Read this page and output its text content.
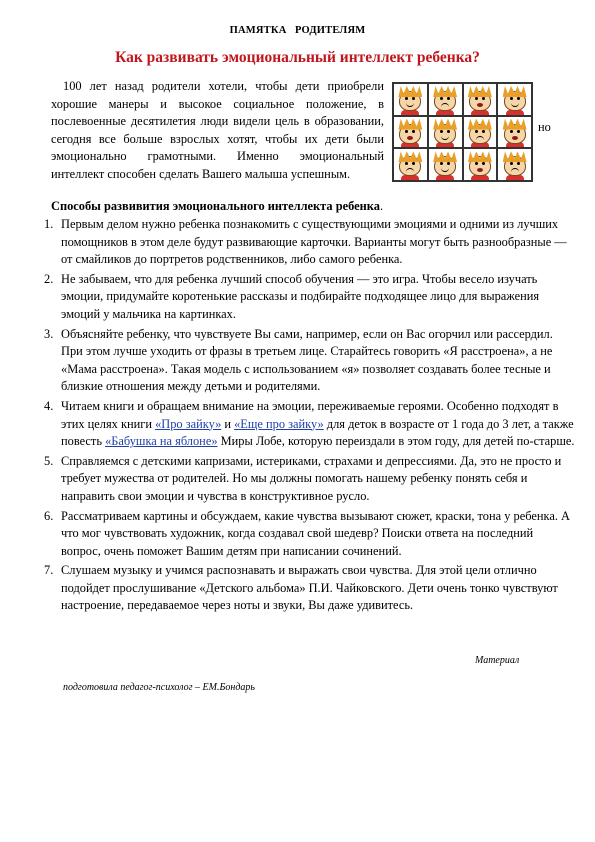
ПАМЯТКА   РОДИТЕЛЯМ
Как развивать эмоциональный интеллект ребенка?
100 лет назад родители хотели, чтобы дети приобрели хорошие манеры и высокое социальное положение, в послевоенные десятилетия люди видели цель в образовании, сегодня все больше взрослых хотят, чтобы их дети были эмоционально грамотными. Именно эмоциональный интеллект способен сделать Вашего малыша успешным.
но
Способы развивития эмоционального интеллекта ребенка.
1. Первым делом нужно ребенка познакомить с существующими эмоциями и одними из лучших помощников в этом деле будут развивающие карточки. Варианты могут быть разнообразные — от смайликов до портретов родственников, либо самого ребенка.
2. Не забываем, что для ребенка лучший способ обучения — это игра. Чтобы весело изучать эмоции, придумайте коротенькие рассказы и подбирайте подходящее лицо для выражения эмоций у мальчика на картинках.
3. Объясняйте ребенку, что чувствуете Вы сами, например, если он Вас огорчил или рассердил. При этом лучше уходить от фразы в третьем лице. Старайтесь говорить «Я расстроена», а не «Мама расстроена». Такая модель с использованием «я» позволяет создавать более тесные и близкие отношения между детьми и родителями.
4. Читаем книги и обращаем внимание на эмоции, переживаемые героями. Особенно подходят в этих целях книги «Про зайку» и «Еще про зайку» для деток в возрасте от 1 года до 3 лет, а также повесть «Бабушка на яблоне» Миры Лобе, которую переиздали в этом году, для детей по-старше.
5. Справляемся с детскими капризами, истериками, страхами и депрессиями. Да, это не просто и требует мужества от родителей. Но мы должны помогать нашему ребенку понять себя и направить свои эмоции и чувства в конструктивное русло.
6. Рассматриваем картины и обсуждаем, какие чувства вызывают сюжет, краски, тона у ребенка. А что мог чувствовать художник, когда создавал свой шедевр? Поиски ответа на последний вопрос, очень поможет Вашим детям при написании сочинений.
7. Слушаем музыку и учимся распознавать и выражать свои чувства. Для этой цели отлично подойдет прослушивание «Детского альбома» П.И. Чайковского. Дети очень тонко чувствуют настроение, передаваемое через ноты и звуки, Вы даже удивитесь.
Материал
подготовила педагог-психолог – ЕМ.Бондарь
